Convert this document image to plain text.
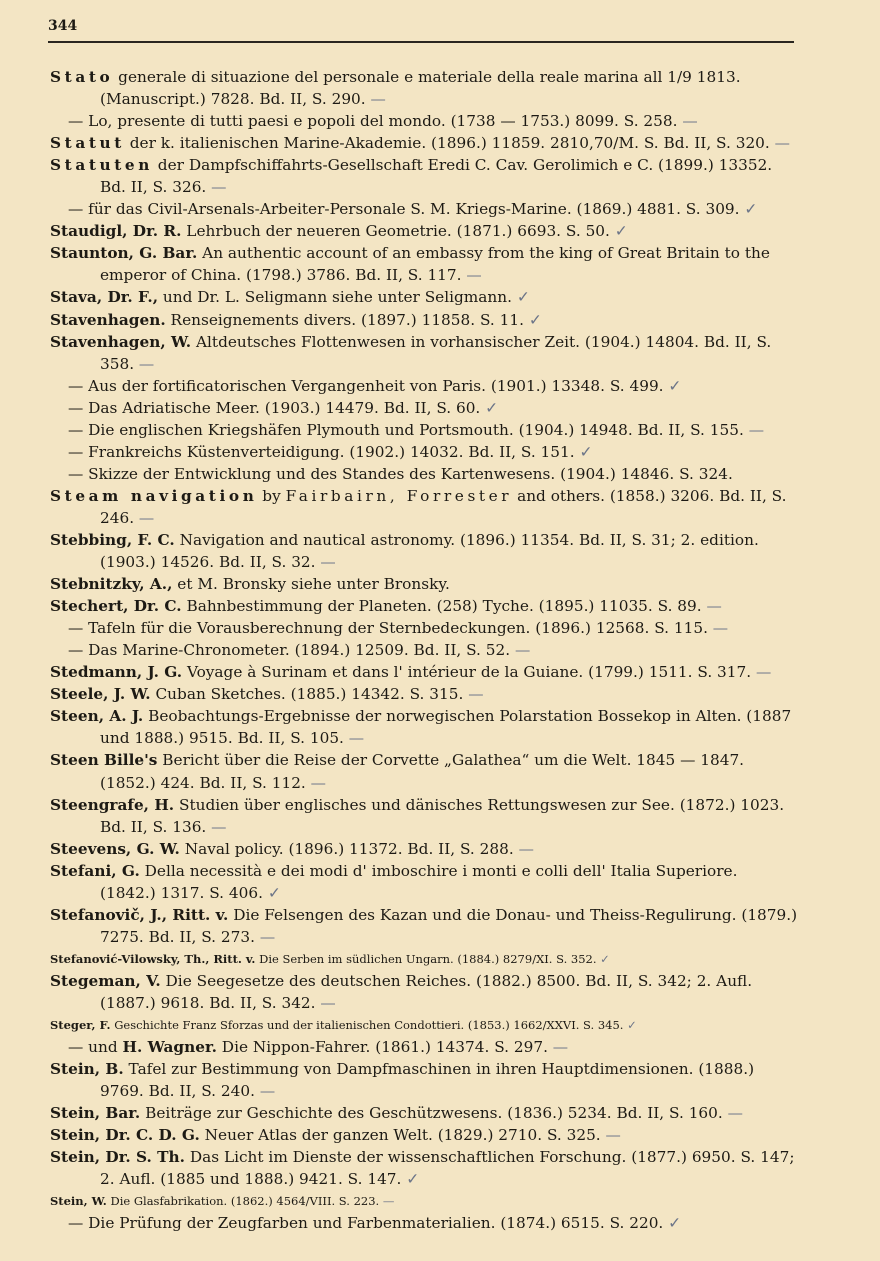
344
Stato generale di situazione del personale e materiale della reale marina all 1/9 1813. (Manuscript.) 7828. Bd. II, S. 290. —
— Lo, presente di tutti paesi e popoli del mondo. (1738 — 1753.) 8099. S. 258. —
Statut der k. italienischen Marine-Akademie. (1896.) 11859. 2810,70/M. S. Bd. II, S. 320. —
Statuten der Dampfschiffahrts-Gesellschaft Eredi C. Cav. Gerolimich e C. (1899.) 13352. Bd. II, S. 326. —
— für das Civil-Arsenals-Arbeiter-Personale S. M. Kriegs-Marine. (1869.) 4881. S. 309. ✓
Staudigl, Dr. R. Lehrbuch der neueren Geometrie. (1871.) 6693. S. 50. ✓
Staunton, G. Bar. An authentic account of an embassy from the king of Great Britain to the emperor of China. (1798.) 3786. Bd. II, S. 117. —
Stava, Dr. F., und Dr. L. Seligmann siehe unter Seligmann. ✓
Stavenhagen. Renseignements divers. (1897.) 11858. S. 11. ✓
Stavenhagen, W. Altdeutsches Flottenwesen in vorhansischer Zeit. (1904.) 14804. Bd. II, S. 358. —
— Aus der fortificatorischen Vergangenheit von Paris. (1901.) 13348. S. 499. ✓
— Das Adriatische Meer. (1903.) 14479. Bd. II, S. 60. ✓
— Die englischen Kriegshäfen Plymouth und Portsmouth. (1904.) 14948. Bd. II, S. 155. —
— Frankreichs Küstenverteidigung. (1902.) 14032. Bd. II, S. 151. ✓
— Skizze der Entwicklung und des Standes des Kartenwesens. (1904.) 14846. S. 324.
Steam navigation by Fairbairn, Forrester and others. (1858.) 3206. Bd. II, S. 246. —
Stebbing, F. C. Navigation and nautical astronomy. (1896.) 11354. Bd. II, S. 31; 2. edition. (1903.) 14526. Bd. II, S. 32. —
Stebnitzky, A., et M. Bronsky siehe unter Bronsky.
Stechert, Dr. C. Bahnbestimmung der Planeten. (258) Tyche. (1895.) 11035. S. 89. —
— Tafeln für die Vorausberechnung der Sternbedeckungen. (1896.) 12568. S. 115. —
— Das Marine-Chronometer. (1894.) 12509. Bd. II, S. 52. —
Stedmann, J. G. Voyage à Surinam et dans l' intérieur de la Guiane. (1799.) 1511. S. 317. —
Steele, J. W. Cuban Sketches. (1885.) 14342. S. 315. —
Steen, A. J. Beobachtungs-Ergebnisse der norwegischen Polarstation Bossekop in Alten. (1887 und 1888.) 9515. Bd. II, S. 105. —
Steen Bille's Bericht über die Reise der Corvette „Galathea“ um die Welt. 1845 — 1847. (1852.) 424. Bd. II, S. 112. —
Steengrafe, H. Studien über englisches und dänisches Rettungswesen zur See. (1872.) 1023. Bd. II, S. 136. —
Steevens, G. W. Naval policy. (1896.) 11372. Bd. II, S. 288. —
Stefani, G. Della necessità e dei modi d' imboschire i monti e colli dell' Italia Superiore. (1842.) 1317. S. 406. ✓
Stefanovič, J., Ritt. v. Die Felsengen des Kazan und die Donau- und Theiss-Regulirung. (1879.) 7275. Bd. II, S. 273. —
Stefanović-Vilowsky, Th., Ritt. v. Die Serben im südlichen Ungarn. (1884.) 8279/XI. S. 352. ✓
Stegeman, V. Die Seegesetze des deutschen Reiches. (1882.) 8500. Bd. II, S. 342; 2. Aufl. (1887.) 9618. Bd. II, S. 342. —
Steger, F. Geschichte Franz Sforzas und der italienischen Condottieri. (1853.) 1662/XXVI. S. 345. ✓
— und H. Wagner. Die Nippon-Fahrer. (1861.) 14374. S. 297. —
Stein, B. Tafel zur Bestimmung von Dampfmaschinen in ihren Hauptdimensionen. (1888.) 9769. Bd. II, S. 240. —
Stein, Bar. Beiträge zur Geschichte des Geschützwesens. (1836.) 5234. Bd. II, S. 160. —
Stein, Dr. C. D. G. Neuer Atlas der ganzen Welt. (1829.) 2710. S. 325. —
Stein, Dr. S. Th. Das Licht im Dienste der wissenschaftlichen Forschung. (1877.) 6950. S. 147; 2. Aufl. (1885 und 1888.) 9421. S. 147. ✓
Stein, W. Die Glasfabrikation. (1862.) 4564/VIII. S. 223. —
— Die Prüfung der Zeugfarben und Farbenmaterialien. (1874.) 6515. S. 220. ✓
